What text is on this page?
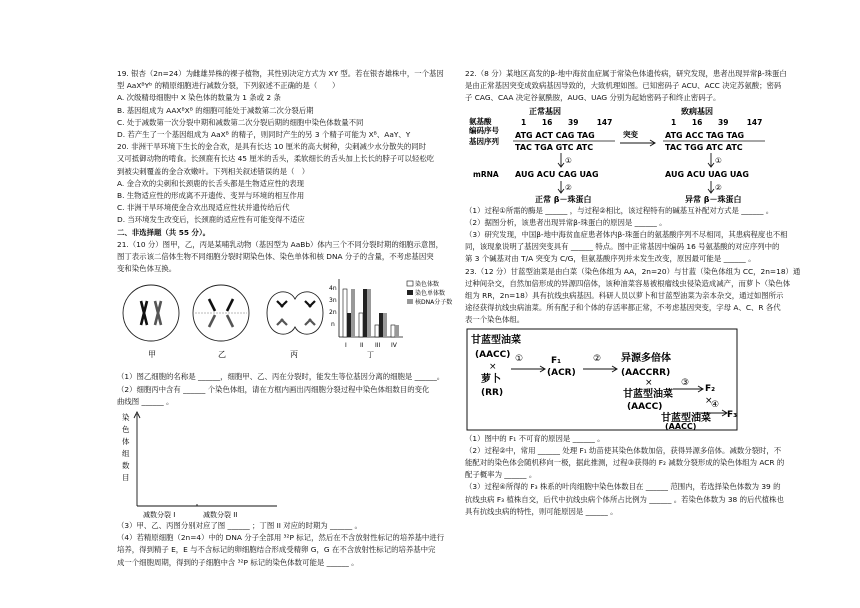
19. 银杏（2n=24）为雌雄异株的裸子植物，其性别决定方式为 XY 型。若在银杏雄株中，一个基因

型 AaXᴮYᵇ 的精原细胞进行减数分裂，下列叙述不正确的是（　　）

A. 次级精母细胞中 X 染色体的数量为 1 条或 2 条

B. 基因组成为 AAXᴮXᴮ 的细胞可能处于减数第二次分裂后期

C. 处于减数第一次分裂中期和减数第二次分裂后期的细胞中染色体数量不同

D. 若产生了一个基因组成为 AaXᴮ 的精子，则同时产生的另 3 个精子可能为 Xᴮ、AaY、Y

20. 非洲干旱环境下生长的金合欢，是具有长达 10 厘米的高大树种，尖刺减少水分散失的同时

又可抵御动物的啃食。长颈鹿有长达 45 厘米的舌头，柔软细长的舌头加上长长的脖子可以轻松吃

到被尖刺覆盖的金合欢嫩叶。下列相关叙述错误的是（　）

A. 金合欢的尖刺和长颈鹿的长舌头都是生物适应性的表现

B. 生物适应性的形成离不开遗传、变异与环境的相互作用

C. 非洲干旱环境使金合欢出现适应性状并遗传给后代

D. 当环境发生改变后，长颈鹿的适应性有可能变得不适应

二、非选择题（共 55 分）。

21.（10 分）图甲，乙，丙是某哺乳动物（基因型为 AaBb）体内三个不同分裂时期的细胞示意图，

图丁表示该二倍体生物不同细胞分裂时期染色体、染色单体和核 DNA 分子的含量，不考虑基因突

变和染色体互换。

甲	乙	丙
4n
3n
2n
n
I II III IV
丁
染色体数
染色单体数
核DNA分子数

（1）图乙细胞的名称是 ______，细胞甲、乙、丙在分裂时，能发生等位基因分离的细胞是 ______。

（2）细胞丙中含有 ______ 个染色体组，请在方框内画出丙细胞分裂过程中染色体组数目的变化

曲线图 ______ 。

染
色
体
组
数
目
减数分裂 I	减数分裂 II

（3）甲、乙、丙图分别对应了图 ______ ；丁图 II 对应的时期为 ______ 。

（4）若精原细胞（2n=4）中的 DNA 分子全部用 ³²P 标记，然后在不含放射性标记的培养基中进行

培养，得到精子 E，E 与不含标记的卵细胞结合形成受精卵 G，G 在不含放射性标记的培养基中完

成一个细胞周期，得到的子细胞中含 ³²P 标记的染色体数可能是 ______ 。

22.（8 分）某地区高发的β-地中海贫血症属于常染色体遗传病，研究发现，患者出现异常β-珠蛋白

是由正常基因突变成致病基因导致的，大致机理如图。已知密码子 ACU、ACC 决定苏氨酸；密码

子 CAG、CAA 决定谷氨酰胺，AUG、UAG 分别为起始密码子和终止密码子。

正常基因	致病基因
氨基酸
编码序号
基因序列
1      16      39       147	1      16      39       147
ATG ACT CAG TAG
TAC TGA GTC ATC
ATG ACC TAG TAG
TAC TGG ATC ATC
突变
①	①
mRNA AUG ACU CAG UAG	AUG ACU UAG UAG
②	②
正常 β－珠蛋白	异常 β－珠蛋白

（1）过程①所需的酶是 ______ ，与过程②相比，该过程特有的碱基互补配对方式是 ______ 。

（2）据图分析，该患者出现异常β-珠蛋白的原因是 ______ 。

（3）研究发现，中国β-地中海贫血症患者体内β-珠蛋白的氨基酸序列不尽相同，其患病程度也不相

同，该现象说明了基因突变具有 ______ 特点。图中正常基因中编码 16 号氨基酸的对应序列中的

第 3 个碱基对由 T/A 突变为 C/G，但氨基酸序列并未发生改变，原因最可能是 ______ 。

23.（12 分）甘蓝型油菜是由白菜（染色体组为 AA，2n=20）与甘蓝（染色体组为 CC，2n=18）通

过种间杂交，自然加倍形成的异源四倍体，该种油菜容易被根瘤线虫侵染造成减产，而萝卜（染色体

组为 RR，2n=18）具有抗线虫病基因。科研人员以萝卜和甘蓝型油菜为亲本杂交，通过如图所示

途径获得抗线虫病油菜。所有配子和个体的存活率都正常，不考虑基因突变，字母 A、C、R 各代

表一个染色体组。

甘蓝型油菜
(AACC)
×
萝卜
(RR)
①	F₁
(ACR)
② 异源多倍体
(AACCRR)
×	③
F₂
甘蓝型油菜
(AACC)
×
④
F₃
甘蓝型油菜
(AACC)

（1）图中的 F₁ 不可育的原因是 ______ 。

（2）过程②中，常用 ______ 处理 F₁ 幼苗使其染色体数加倍，获得异源多倍体。减数分裂时，不

能配对的染色体会随机移向一极，据此推测，过程③获得的 F₂ 减数分裂形成的染色体组为 ACR 的

配子概率为 ______ 。

（3）过程④所得的 F₃ 株系的叶肉细胞中染色体数目在 ______ 范围内，若选择染色体数为 39 的

抗线虫病 F₃ 植株自交，后代中抗线虫病个体所占比例为 ______ 。若染色体数为 38 的后代植株也

具有抗线虫病的特性，则可能原因是 ______ 。
